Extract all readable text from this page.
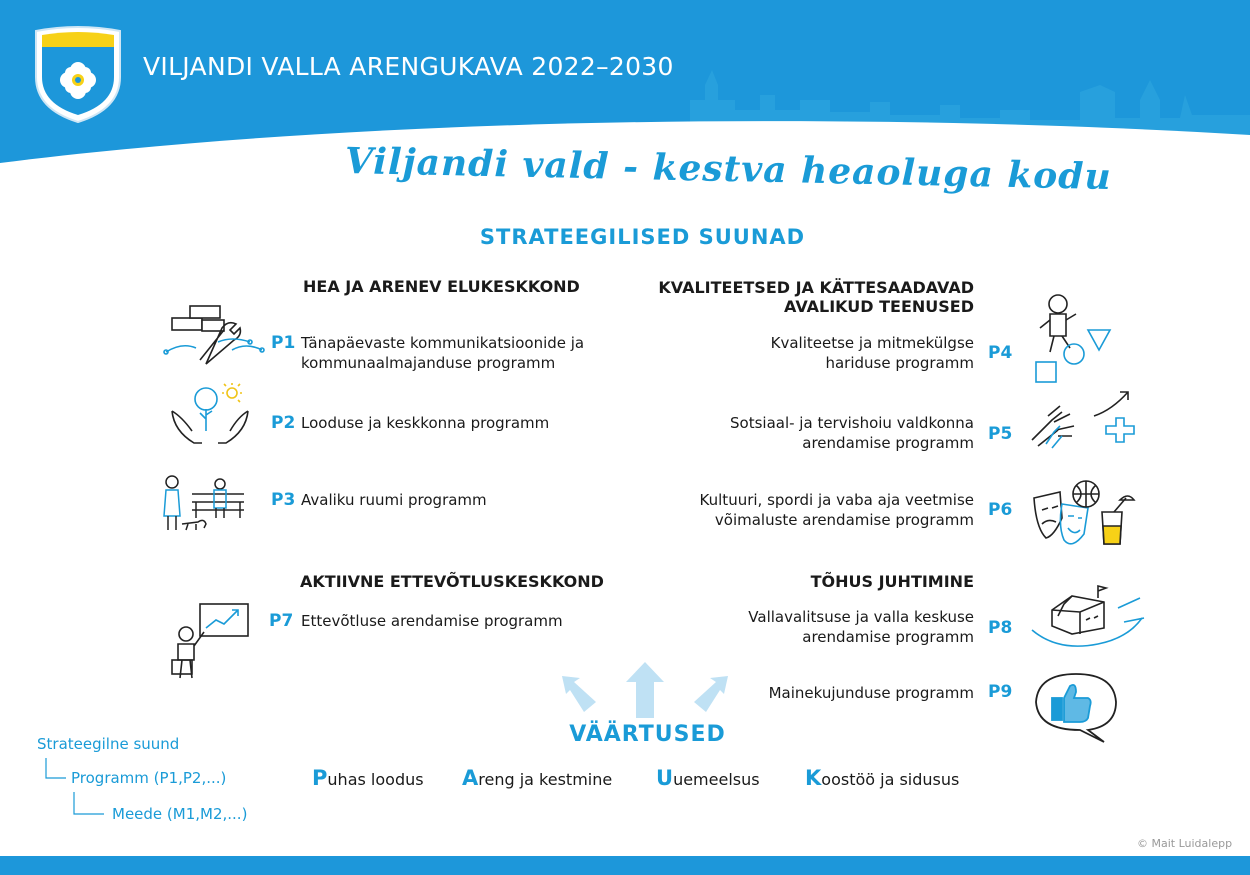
VILJANDI VALLA ARENGUKAVA 2022–2030
Viljandi vald - kestva heaoluga kodu
STRATEEGILISED SUUNAD
HEA JA ARENEV ELUKESKKOND
P1 Tänapäevaste kommunikatsioonide ja
kommunaalmajanduse programm
P2 Looduse ja keskkonna programm
P3 Avaliku ruumi programm
KVALITEETSED JA KÄTTESAADAVAD
AVALIKUD TEENUSED
Kvaliteetse ja mitmekülgse
hariduse programm P4
Sotsiaal- ja tervishoiu valdkonna
arendamise programm P5
Kultuuri, spordi ja vaba aja veetmise
võimaluste arendamise programm P6
AKTIIVNE ETTEVÕTLUSKESKKOND
P7 Ettevõtluse arendamise programm
TÕHUS JUHTIMINE
Vallavalitsuse ja valla keskuse
arendamise programm P8
Mainekujunduse programm P9
VÄÄRTUSED
Puhas loodus Areng ja kestmine Uuemeelsus Koostöö ja sidusus
Strateegilne suund
Programm (P1,P2,...)
Meede (M1,M2,...)
© Mait Luidalepp
